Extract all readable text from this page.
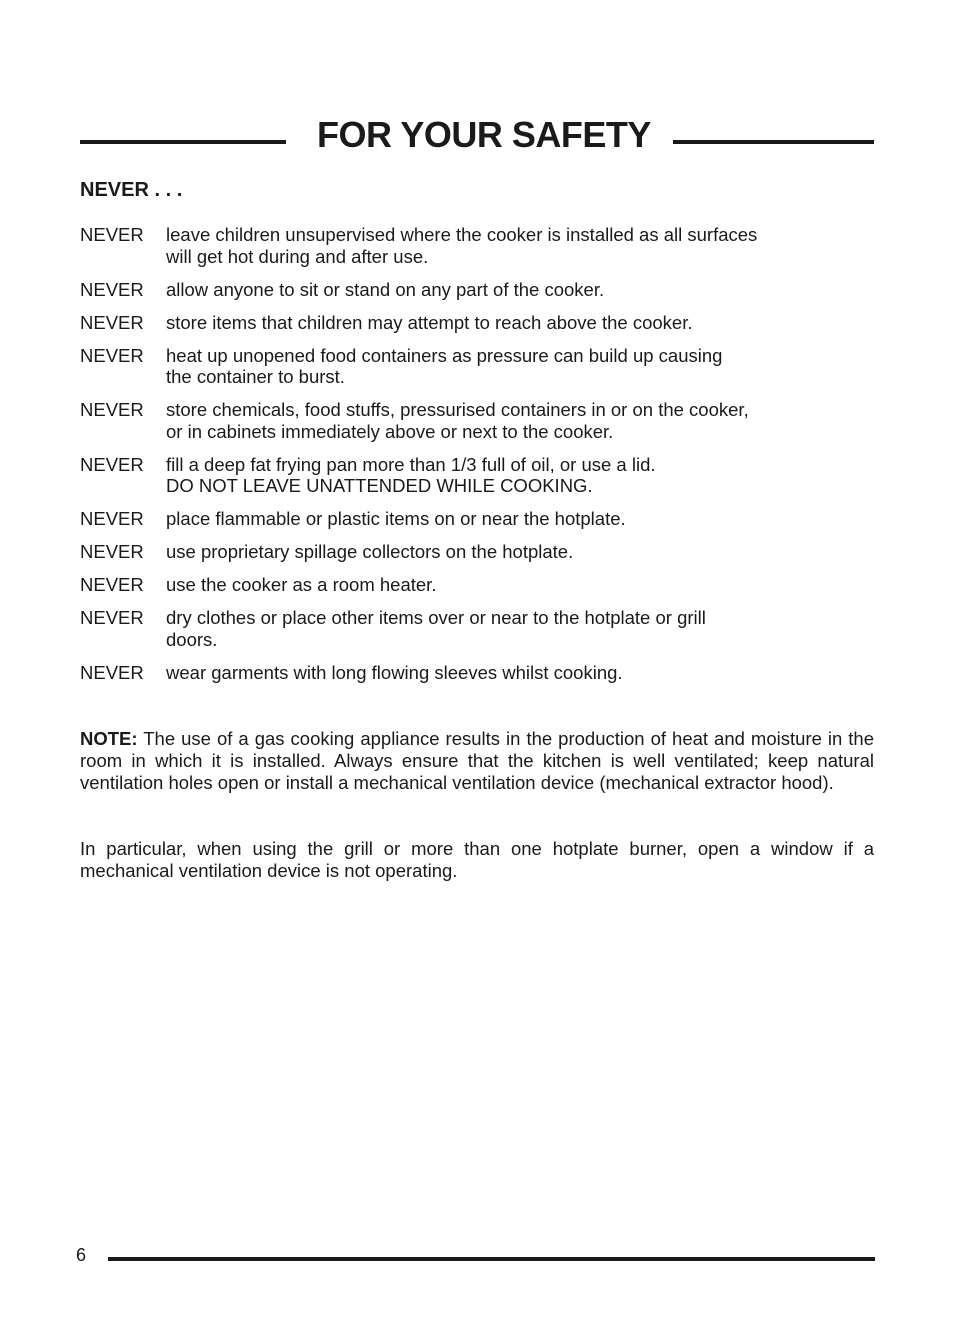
FOR YOUR SAFETY
NEVER . . .
NEVER	leave children unsupervised where the cooker is installed as all surfaces
will get hot during and after use.
NEVER	allow anyone to sit or stand on any part of the cooker.
NEVER	store items that children may attempt to reach above the cooker.
NEVER	heat up unopened food containers as pressure can build up causing
the container to burst.
NEVER	store chemicals, food stuffs, pressurised containers in or on the cooker,
or in cabinets immediately above or next to the cooker.
NEVER	fill a deep fat frying pan more than 1/3 full of oil, or use a lid.
DO NOT LEAVE UNATTENDED WHILE COOKING.
NEVER	place flammable or plastic items on or near the hotplate.
NEVER	use proprietary spillage collectors on the hotplate.
NEVER	use the cooker as a room heater.
NEVER	dry clothes or place other items over or near to the hotplate or grill
doors.
NEVER	wear garments with long flowing sleeves whilst cooking.

NOTE: The use of a gas cooking appliance results in the production of heat and moisture in the room in which it is installed. Always ensure that the kitchen is well ventilated; keep natural ventilation holes open or install a mechanical ventilation device (mechanical extractor hood).

In particular, when using the grill or more than one hotplate burner, open a window if a mechanical ventilation device is not operating.

6
